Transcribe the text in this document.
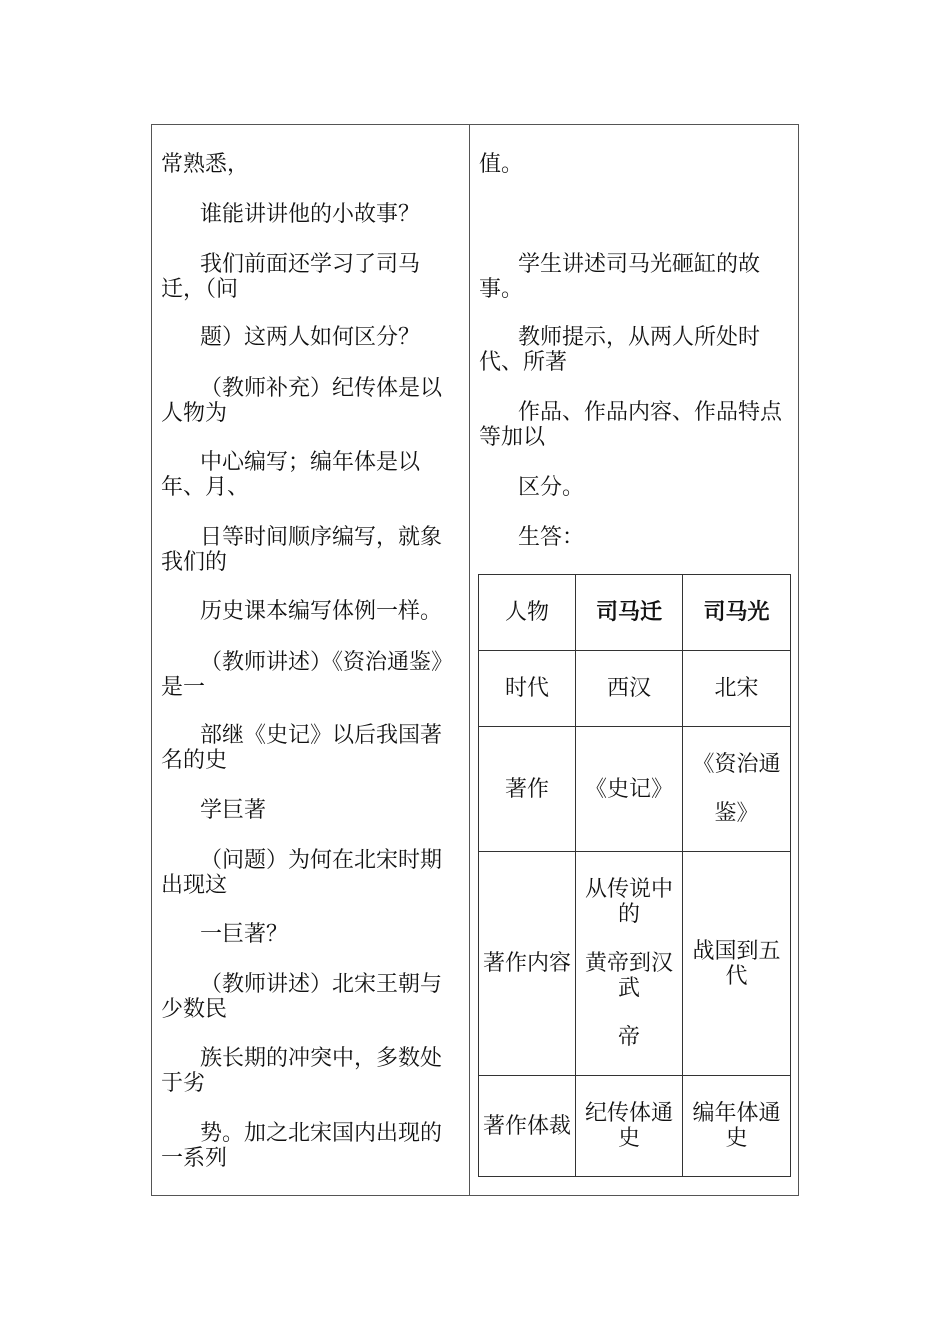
常熟悉，
谁能讲讲他的小故事？
我们前面还学习了司马
迁，（问
题）这两人如何区分？
（教师补充）纪传体是以
人物为
中心编写；编年体是以
年、月、
日等时间顺序编写，就象
我们的
历史课本编写体例一样。
（教师讲述）《资治通鉴》
是一
部继《史记》以后我国著
名的史
学巨著
（问题）为何在北宋时期
出现这
一巨著？
（教师讲述）北宋王朝与
少数民
族长期的冲突中，多数处
于劣
势。加之北宋国内出现的
一系列
值。
学生讲述司马光砸缸的故
事。
教师提示，从两人所处时
代、所著
作品、作品内容、作品特点
等加以
区分。
生答：
人物	司马迁	司马光
时代	西汉	北宋
著作	《史记》	《资治通

鉴》

著作内容	从传说中的

黄帝到汉武

帝	战国到五代
著作体裁	纪传体通史	编年体通史
